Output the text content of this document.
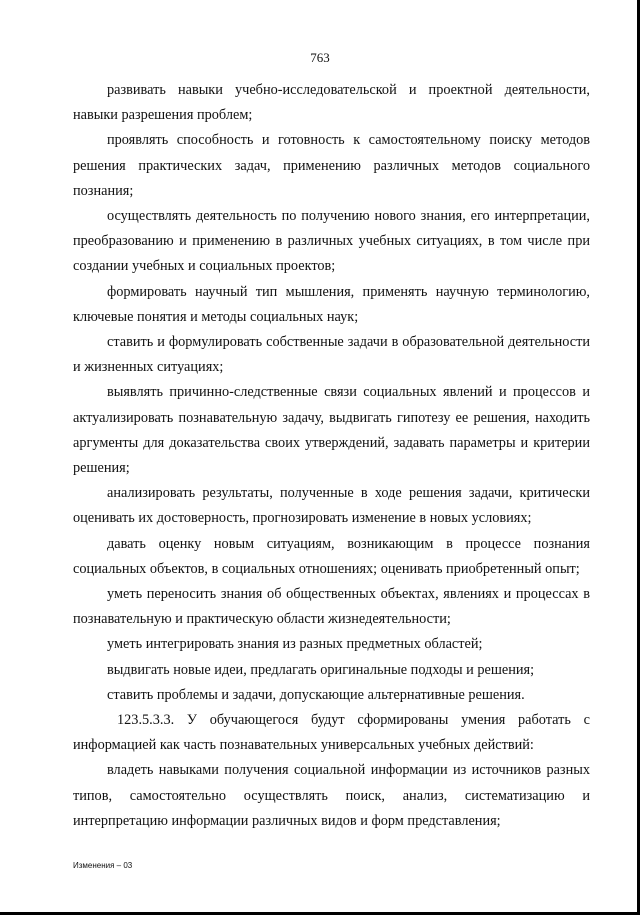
763

развивать навыки учебно-исследовательской и проектной деятельности, навыки разрешения проблем;

проявлять способность и готовность к самостоятельному поиску методов решения практических задач, применению различных методов социального познания;

осуществлять деятельность по получению нового знания, его интерпретации, преобразованию и применению в различных учебных ситуациях, в том числе при создании учебных и социальных проектов;

формировать научный тип мышления, применять научную терминологию, ключевые понятия и методы социальных наук;

ставить и формулировать собственные задачи в образовательной деятельности и жизненных ситуациях;

выявлять причинно-следственные связи социальных явлений и процессов и актуализировать познавательную задачу, выдвигать гипотезу ее решения, находить аргументы для доказательства своих утверждений, задавать параметры и критерии решения;

анализировать результаты, полученные в ходе решения задачи, критически оценивать их достоверность, прогнозировать изменение в новых условиях;

давать оценку новым ситуациям, возникающим в процессе познания социальных объектов, в социальных отношениях; оценивать приобретенный опыт;

уметь переносить знания об общественных объектах, явлениях и процессах в познавательную и практическую области жизнедеятельности;

уметь интегрировать знания из разных предметных областей;

выдвигать новые идеи, предлагать оригинальные подходы и решения;

ставить проблемы и задачи, допускающие альтернативные решения.

123.5.3.3. У обучающегося будут сформированы умения работать с информацией как часть познавательных универсальных учебных действий:

владеть навыками получения социальной информации из источников разных типов, самостоятельно осуществлять поиск, анализ, систематизацию и интерпретацию информации различных видов и форм представления;

Изменения – 03
